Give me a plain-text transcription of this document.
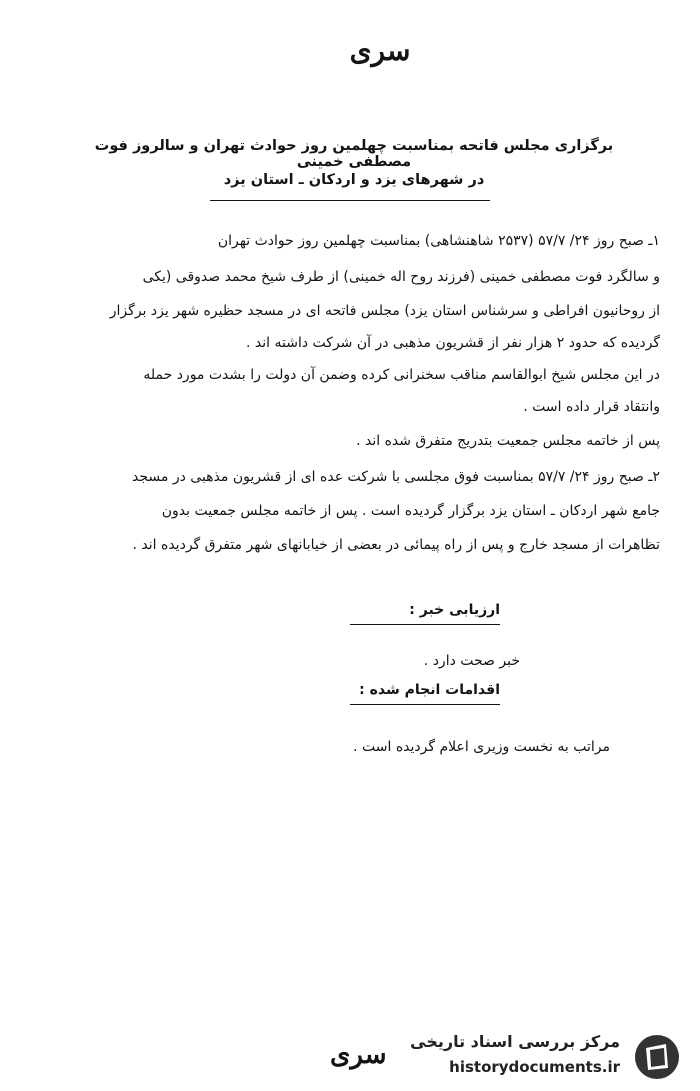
سری
برگزاری مجلس فاتحه بمناسبت چهلمین روز حوادث تهران و سالروز فوت مصطفی خمینی
در شهرهای یزد و اردکان ـ استان یزد
۱ـ صبح روز ۲۴/ ۵۷/۷ (۲۵۳۷ شاهنشاهی) بمناسبت چهلمین روز حوادث تهران
و سالگرد فوت مصطفی خمینی (فرزند روح اله خمینی) از طرف شیخ محمد صدوقی (یکی
از روحانیون افراطی و سرشناس استان یزد) مجلس فاتحه ای در مسجد حظیره شهر یزد برگزار
گردیده که حدود ۲ هزار نفر از قشریون مذهبی در آن شرکت داشته اند .
در این مجلس شیخ ابوالقاسم مناقب سخنرانی کرده وضمن آن دولت را بشدت مورد حمله
وانتقاد قرار داده است .
پس از خاتمه مجلس جمعیت بتدریج متفرق شده اند .
۲ـ صبح روز ۲۴/ ۵۷/۷ بمناسبت فوق مجلسی با شرکت عده ای از قشریون مذهبی در مسجد
جامع شهر اردکان ـ استان یزد برگزار گردیده است . پس از خاتمه مجلس جمعیت بدون
تظاهرات از مسجد خارج و پس از راه پیمائی در بعضی از خیابانهای شهر متفرق گردیده اند .
ارزیابی خبر :
خبر صحت دارد .
اقدامات انجام شده :
مراتب به نخست وزیری اعلام گردیده است .
سری مرکز بررسی اسناد تاریخی
historydocuments.ir
